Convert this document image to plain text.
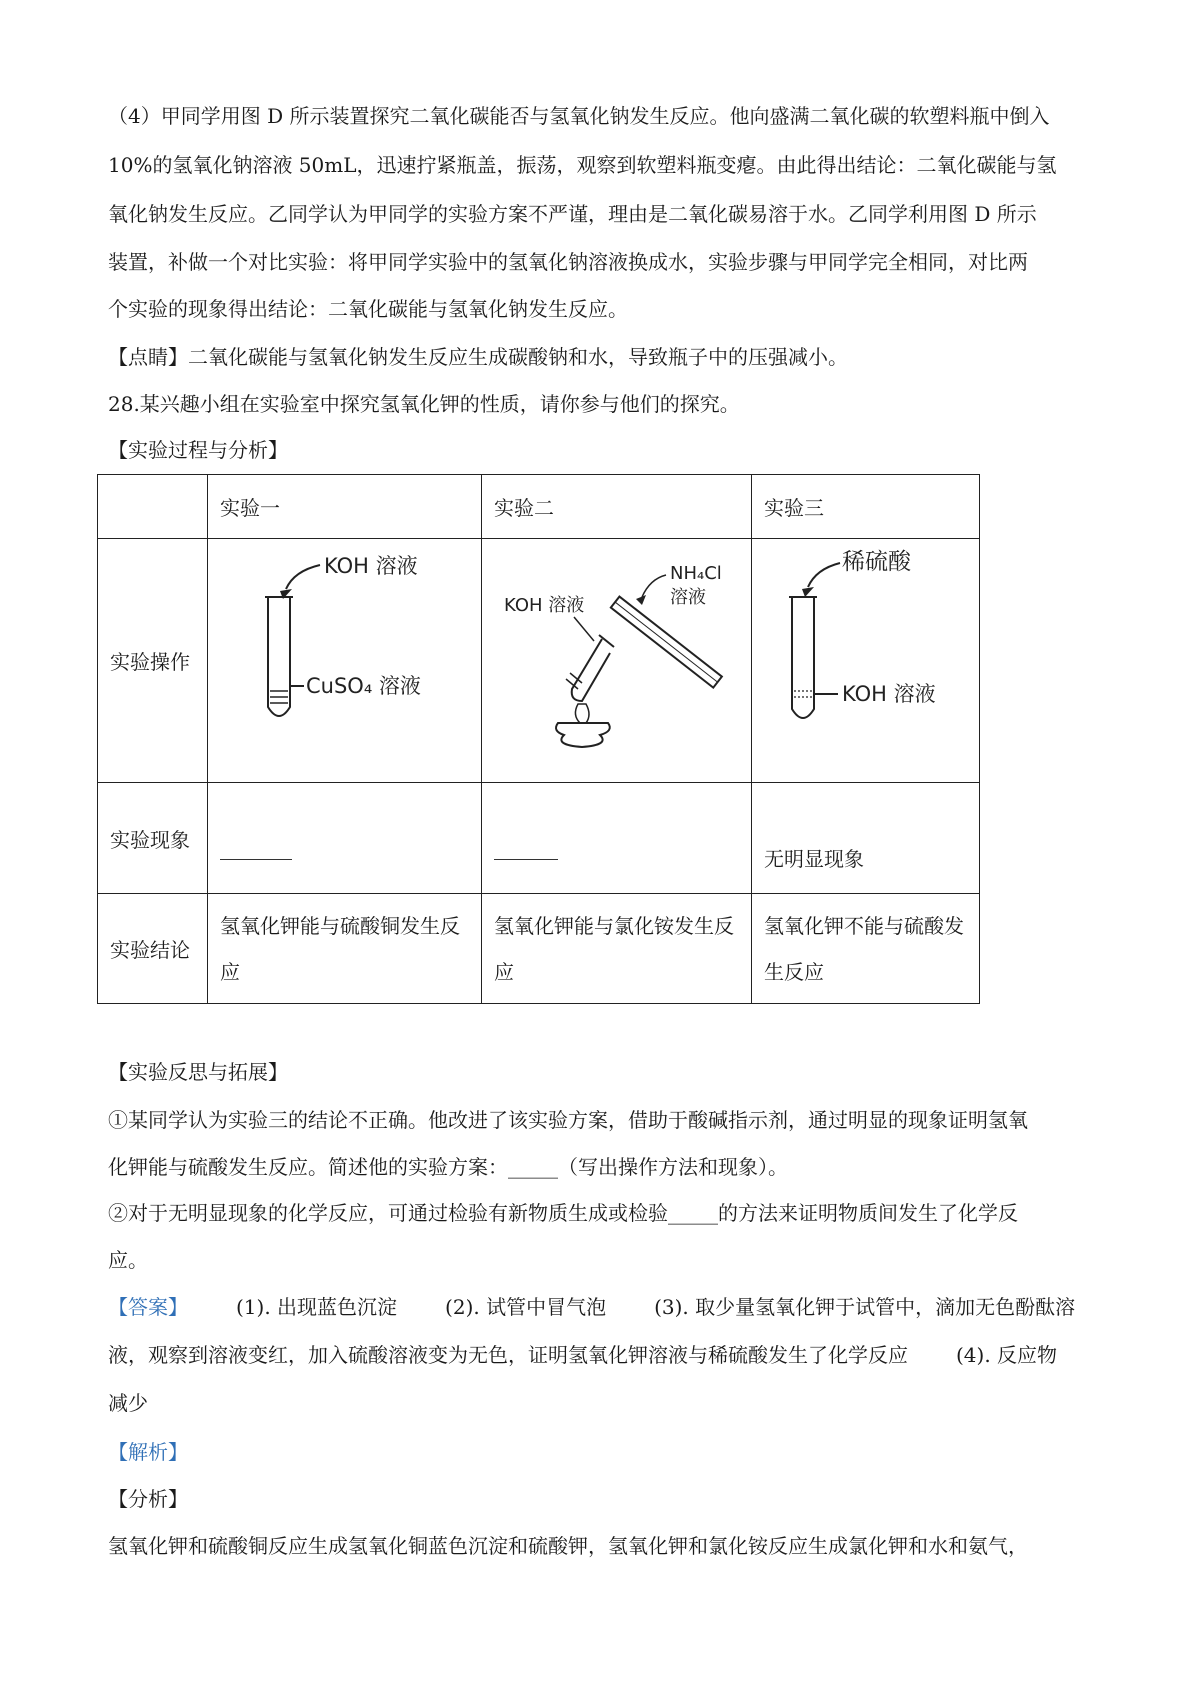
（4）甲同学用图 D 所示装置探究二氧化碳能否与氢氧化钠发生反应。他向盛满二氧化碳的软塑料瓶中倒入
10%的氢氧化钠溶液 50mL，迅速拧紧瓶盖，振荡，观察到软塑料瓶变瘪。由此得出结论：二氧化碳能与氢
氧化钠发生反应。乙同学认为甲同学的实验方案不严谨，理由是二氧化碳易溶于水。乙同学利用图 D 所示
装置，补做一个对比实验：将甲同学实验中的氢氧化钠溶液换成水，实验步骤与甲同学完全相同，对比两
个实验的现象得出结论：二氧化碳能与氢氧化钠发生反应。
【点睛】二氧化碳能与氢氧化钠发生反应生成碳酸钠和水，导致瓶子中的压强减小。
28.某兴趣小组在实验室中探究氢氧化钾的性质，请你参与他们的探究。
【实验过程与分析】
	实验一	实验二	实验三
实验操作	KOH 溶液
CuSO₄ 溶液	KOH 溶液
NH₄Cl
溶液	稀硫酸
KOH 溶液

实验现象			无明显现象

实验结论	氢氧化钾能与硫酸铜发生反应	氢氧化钾能与氯化铵发生反应	氢氧化钾不能与硫酸发生反应
【实验反思与拓展】
①某同学认为实验三的结论不正确。他改进了该实验方案，借助于酸碱指示剂，通过明显的现象证明氢氧
化钾能与硫酸发生反应。简述他的实验方案：_____（写出操作方法和现象）。
②对于无明显现象的化学反应，可通过检验有新物质生成或检验_____的方法来证明物质间发生了化学反
应。
【答案】 (1). 出现蓝色沉淀 (2). 试管中冒气泡 (3). 取少量氢氧化钾于试管中，滴加无色酚酞溶
液，观察到溶液变红，加入硫酸溶液变为无色，证明氢氧化钾溶液与稀硫酸发生了化学反应 (4). 反应物
减少
【解析】
【分析】
氢氧化钾和硫酸铜反应生成氢氧化铜蓝色沉淀和硫酸钾，氢氧化钾和氯化铵反应生成氯化钾和水和氨气，
